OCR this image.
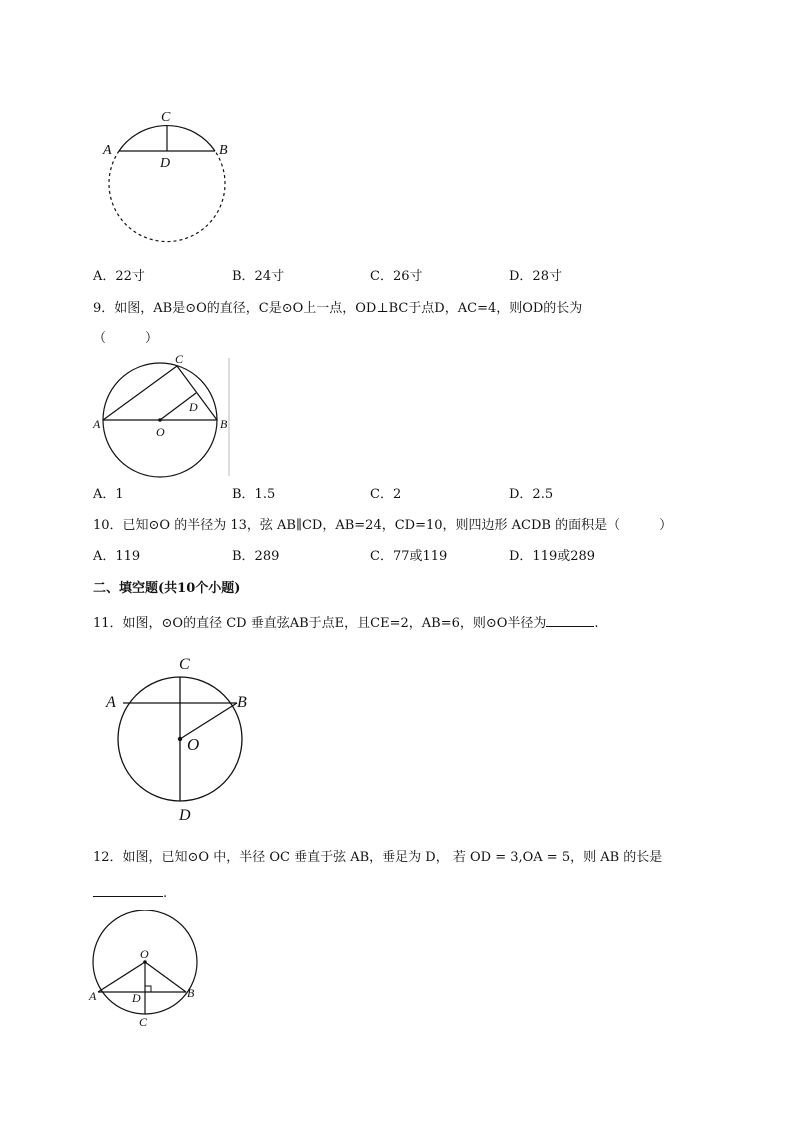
C
A	B
D
A．22寸	B．24寸	C．26寸	D．28寸
9．如图，AB是⊙O的直径，C是⊙O上一点，OD⊥BC于点D，AC=4，则OD的长为
（　　　）
C
A	B
D
O
A．1	B．1.5	C．2	D．2.5
10．已知⊙O 的半径为 13，弦 AB∥CD，AB=24，CD=10，则四边形 ACDB 的面积是（　　　）
A．119	B．289	C．77或119	D．119或289
二、填空题(共10个小题)
11．如图，⊙O的直径 CD 垂直弦AB于点E，且CE=2，AB=6，则⊙O半径为	.
C
A	B
O
D
12．如图，已知⊙O 中，半径 OC 垂直于弦 AB，垂足为 D， 若 OD = 3,OA = 5，则 AB 的长是
.
O
A	B
D
C
